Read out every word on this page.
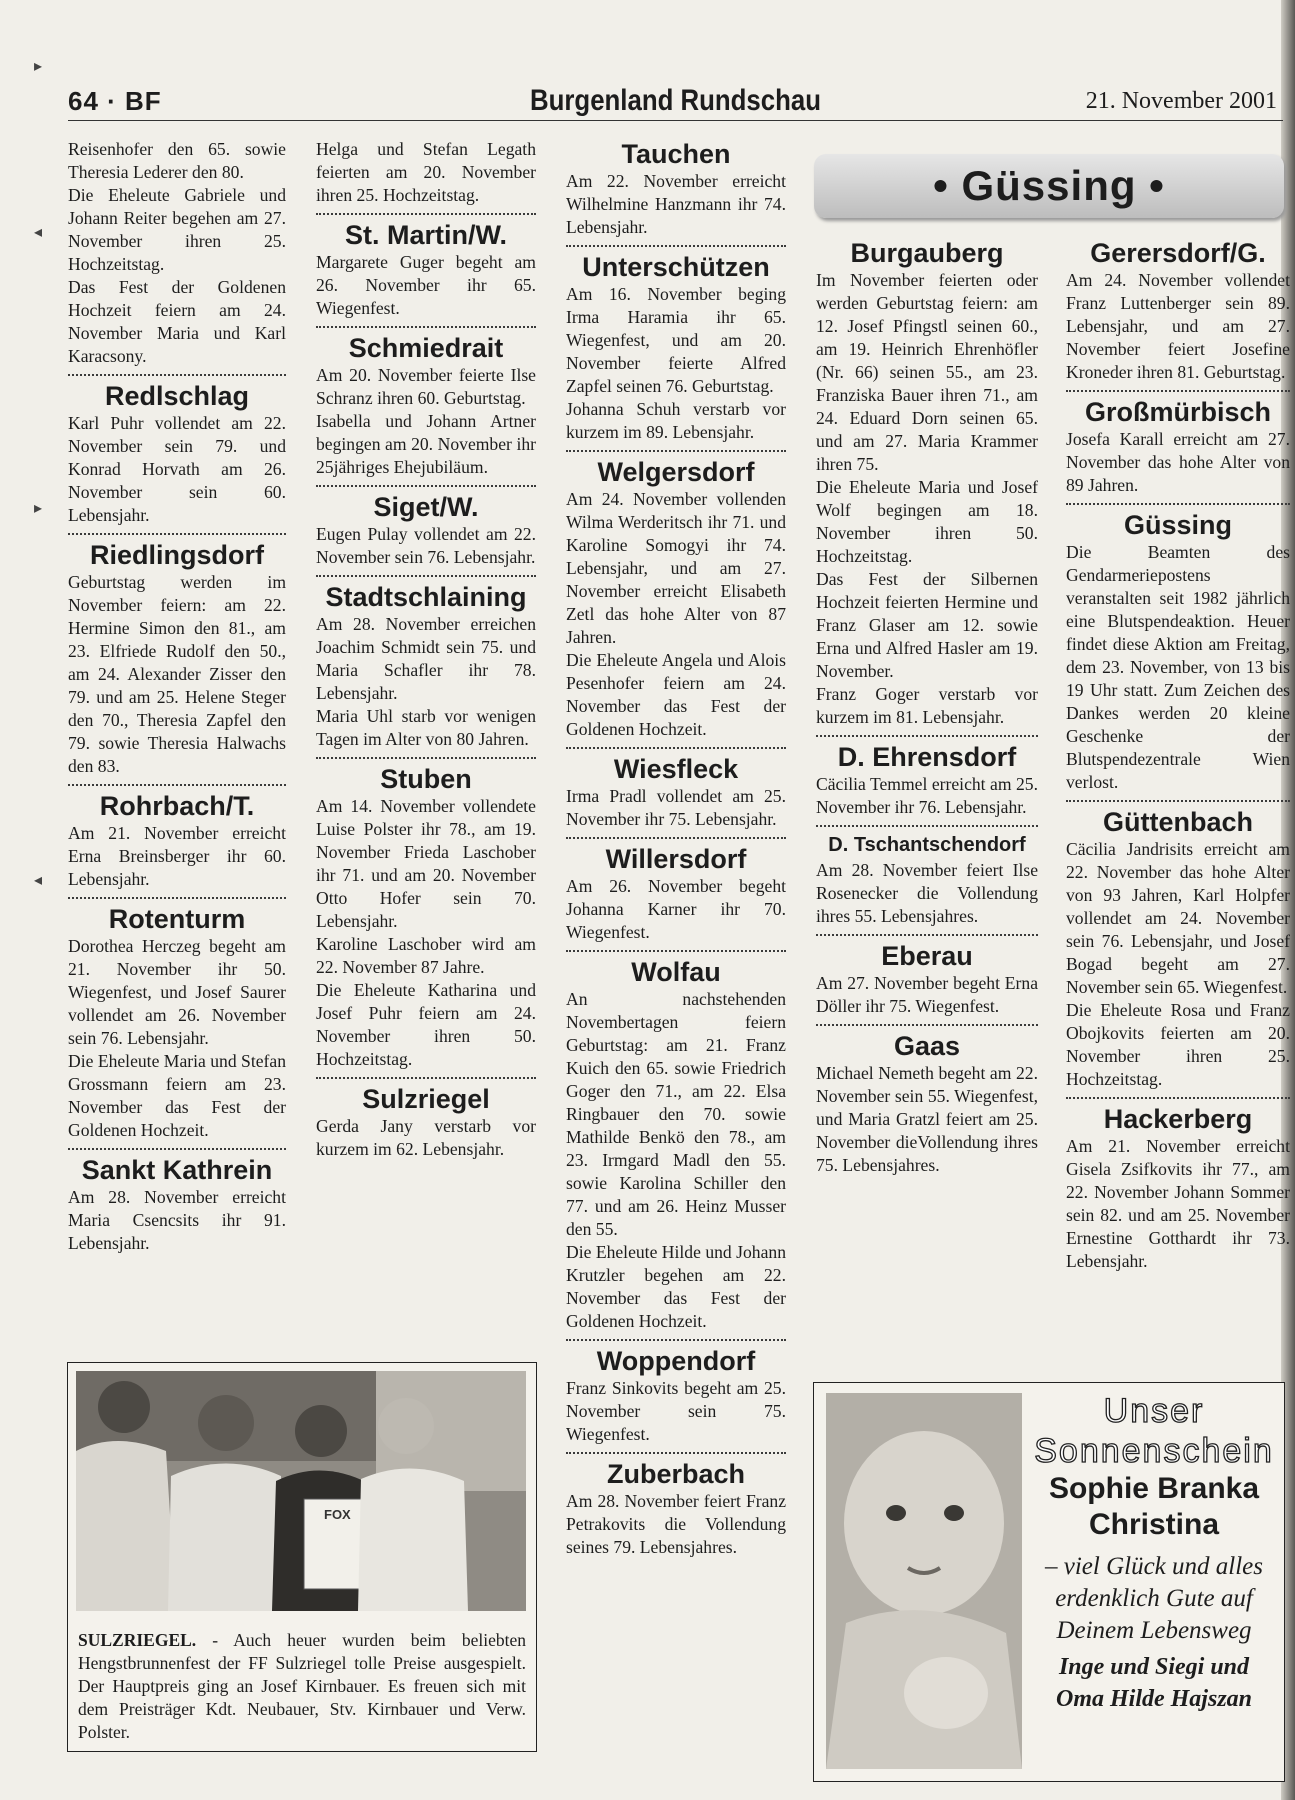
▸
◂
▸
◂
64 · BF	Burgenland Rundschau	21. November 2001
• Güssing •

Reisenhofer den 65. sowie Theresia Lederer den 80.

Die Eheleute Gabriele und Johann Reiter begehen am 27. November ihren 25. Hochzeitstag.

Das Fest der Goldenen Hochzeit feiern am 24. November Maria und Karl Karacsony.

Redlschlag

Karl Puhr vollendet am 22. November sein 79. und Konrad Horvath am 26. November sein 60. Lebensjahr.

Riedlingsdorf

Geburtstag werden im November feiern: am 22. Hermine Simon den 81., am 23. Elfriede Rudolf den 50., am 24. Alexander Zisser den 79. und am 25. Helene Steger den 70., Theresia Zapfel den 79. sowie Theresia Halwachs den 83.

Rohrbach/T.

Am 21. November erreicht Erna Breinsberger ihr 60. Lebensjahr.

Rotenturm

Dorothea Herczeg begeht am 21. November ihr 50. Wiegenfest, und Josef Saurer vollendet am 26. November sein 76. Lebensjahr.

Die Eheleute Maria und Stefan Grossmann feiern am 23. November das Fest der Goldenen Hochzeit.

Sankt Kathrein

Am 28. November erreicht Maria Csencsits ihr 91. Lebensjahr.

Helga und Stefan Legath feierten am 20. November ihren 25. Hochzeitstag.

St. Martin/W.

Margarete Guger begeht am 26. November ihr 65. Wiegenfest.

Schmiedrait

Am 20. November feierte Ilse Schranz ihren 60. Geburtstag.

Isabella und Johann Artner begingen am 20. November ihr 25jähriges Ehejubiläum.

Siget/W.

Eugen Pulay vollendet am 22. November sein 76. Lebensjahr.

Stadtschlaining

Am 28. November erreichen Joachim Schmidt sein 75. und Maria Schafler ihr 78. Lebensjahr.

Maria Uhl starb vor wenigen Tagen im Alter von 80 Jahren.

Stuben

Am 14. November vollendete Luise Polster ihr 78., am 19. November Frieda Laschober ihr 71. und am 20. November Otto Hofer sein 70. Lebensjahr.

Karoline Laschober wird am 22. November 87 Jahre.

Die Eheleute Katharina und Josef Puhr feiern am 24. November ihren 50. Hochzeitstag.

Sulzriegel

Gerda Jany verstarb vor kurzem im 62. Lebensjahr.

Tauchen

Am 22. November erreicht Wilhelmine Hanzmann ihr 74. Lebensjahr.

Unterschützen

Am 16. November beging Irma Haramia ihr 65. Wiegenfest, und am 20. November feierte Alfred Zapfel seinen 76. Geburtstag.

Johanna Schuh verstarb vor kurzem im 89. Lebensjahr.

Welgersdorf

Am 24. November vollenden Wilma Werderitsch ihr 71. und Karoline Somogyi ihr 74. Lebensjahr, und am 27. November erreicht Elisabeth Zetl das hohe Alter von 87 Jahren.

Die Eheleute Angela und Alois Pesenhofer feiern am 24. November das Fest der Goldenen Hochzeit.

Wiesfleck

Irma Pradl vollendet am 25. November ihr 75. Lebensjahr.

Willersdorf

Am 26. November begeht Johanna Karner ihr 70. Wiegenfest.

Wolfau

An nachstehenden Novembertagen feiern Geburtstag: am 21. Franz Kuich den 65. sowie Friedrich Goger den 71., am 22. Elsa Ringbauer den 70. sowie Mathilde Benkö den 78., am 23. Irmgard Madl den 55. sowie Karolina Schiller den 77. und am 26. Heinz Musser den 55.

Die Eheleute Hilde und Johann Krutzler begehen am 22. November das Fest der Goldenen Hochzeit.

Woppendorf

Franz Sinkovits begeht am 25. November sein 75. Wiegenfest.

Zuberbach

Am 28. November feiert Franz Petrakovits die Vollendung seines 79. Lebensjahres.

Burgauberg

Im November feierten oder werden Geburtstag feiern: am 12. Josef Pfingstl seinen 60., am 19. Heinrich Ehrenhöfler (Nr. 66) seinen 55., am 23. Franziska Bauer ihren 71., am 24. Eduard Dorn seinen 65. und am 27. Maria Krammer ihren 75.

Die Eheleute Maria und Josef Wolf begingen am 18. November ihren 50. Hochzeitstag.

Das Fest der Silbernen Hochzeit feierten Hermine und Franz Glaser am 12. sowie Erna und Alfred Hasler am 19. November.

Franz Goger verstarb vor kurzem im 81. Lebensjahr.

D. Ehrensdorf

Cäcilia Temmel erreicht am 25. November ihr 76. Lebensjahr.

D. Tschantschendorf

Am 28. November feiert Ilse Rosenecker die Vollendung ihres 55. Lebensjahres.

Eberau

Am 27. November begeht Erna Döller ihr 75. Wiegenfest.

Gaas

Michael Nemeth begeht am 22. November sein 55. Wiegenfest, und Maria Gratzl feiert am 25. November dieVollendung ihres 75. Lebensjahres.

Gerersdorf/G.

Am 24. November vollendet Franz Luttenberger sein 89. Lebensjahr, und am 27. November feiert Josefine Kroneder ihren 81. Geburtstag.

Großmürbisch

Josefa Karall erreicht am 27. November das hohe Alter von 89 Jahren.

Güssing

Die Beamten des Gendarmeriepostens veranstalten seit 1982 jährlich eine Blutspendeaktion. Heuer findet diese Aktion am Freitag, dem 23. November, von 13 bis 19 Uhr statt. Zum Zeichen des Dankes werden 20 kleine Geschenke der Blutspendezentrale Wien verlost.

Güttenbach

Cäcilia Jandrisits erreicht am 22. November das hohe Alter von 93 Jahren, Karl Holpfer vollendet am 24. November sein 76. Lebensjahr, und Josef Bogad begeht am 27. November sein 65. Wiegenfest.

Die Eheleute Rosa und Franz Obojkovits feierten am 20. November ihren 25. Hochzeitstag.

Hackerberg

Am 21. November erreicht Gisela Zsifkovits ihr 77., am 22. November Johann Sommer sein 82. und am 25. November Ernestine Gotthardt ihr 73. Lebensjahr.

FOX
SULZRIEGEL. - Auch heuer wurden beim beliebten Hengstbrunnenfest der FF Sulzriegel tolle Preise ausgespielt. Der Hauptpreis ging an Josef Kirnbauer. Es freuen sich mit dem Preisträger Kdt. Neubauer, Stv. Kirnbauer und Verw. Polster.
Unser
Sonnenschein
Sophie Branka
Christina
– viel Glück und alles
erdenklich Gute auf
Deinem Lebensweg
Inge und Siegi und
Oma Hilde Hajszan
